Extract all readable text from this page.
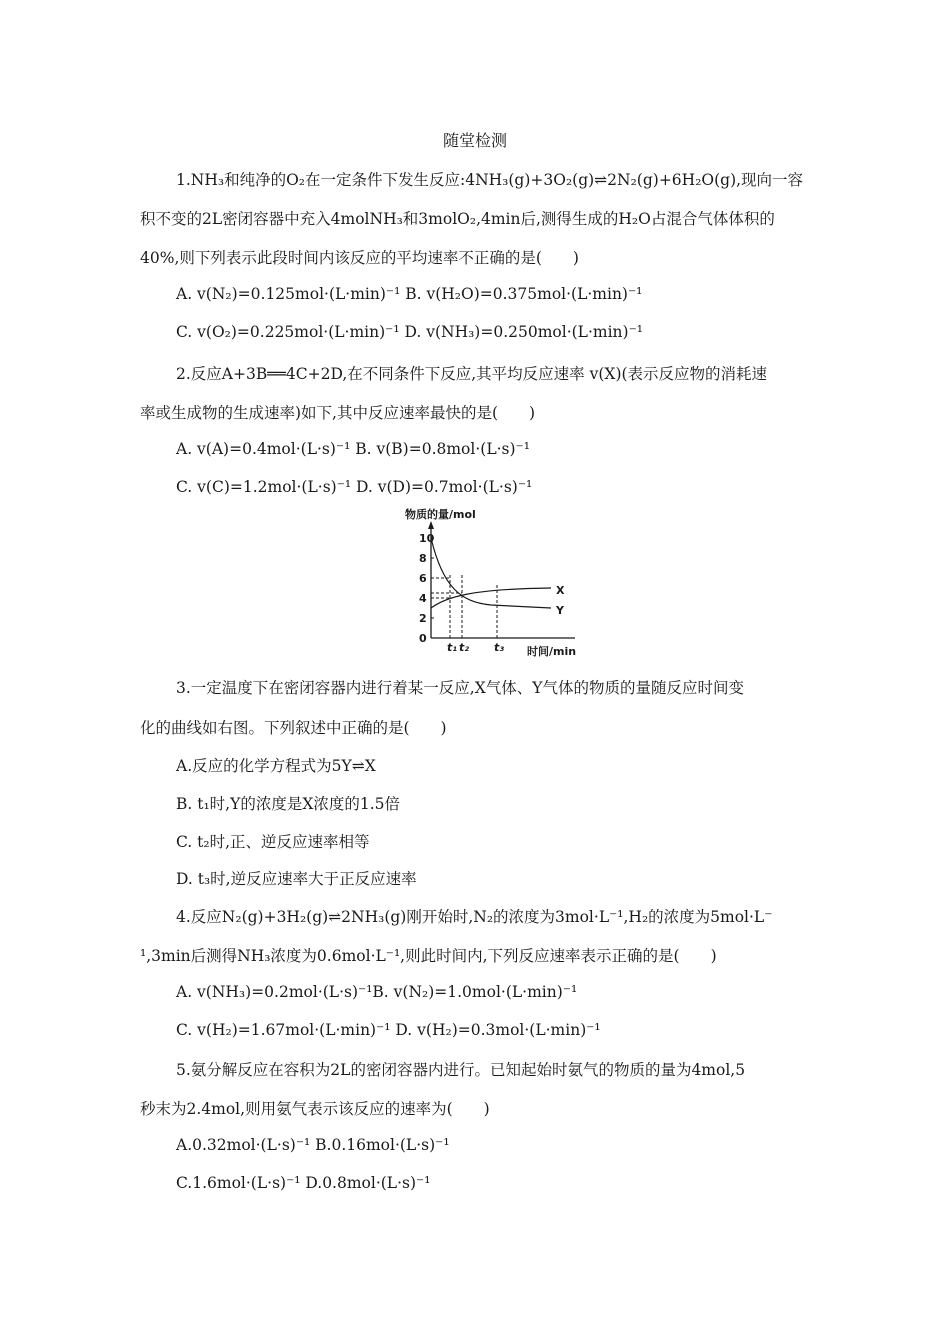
随堂检测
1.NH₃和纯净的O₂在一定条件下发生反应:4NH₃(g)+3O₂(g)⇌2N₂(g)+6H₂O(g),现向一容
积不变的2L密闭容器中充入4molNH₃和3molO₂,4min后,测得生成的H₂O占混合气体体积的
40%,则下列表示此段时间内该反应的平均速率不正确的是(　　)
A. v(N₂)=0.125mol·(L·min)⁻¹ B. v(H₂O)=0.375mol·(L·min)⁻¹
C. v(O₂)=0.225mol·(L·min)⁻¹ D. v(NH₃)=0.250mol·(L·min)⁻¹
2.反应A+3B══4C+2D,在不同条件下反应,其平均反应速率 v(X)(表示反应物的消耗速
率或生成物的生成速率)如下,其中反应速率最快的是(　　)
A. v(A)=0.4mol·(L·s)⁻¹ B. v(B)=0.8mol·(L·s)⁻¹
C. v(C)=1.2mol·(L·s)⁻¹ D. v(D)=0.7mol·(L·s)⁻¹
物质的量/mol
10
8
6
4
2
0
t₁ t₂ t₃ 时间/min
X
Y
3.一定温度下在密闭容器内进行着某一反应,X气体、Y气体的物质的量随反应时间变
化的曲线如右图。下列叙述中正确的是(　　)
A.反应的化学方程式为5Y⇌X
B. t₁时,Y的浓度是X浓度的1.5倍
C. t₂时,正、逆反应速率相等
D. t₃时,逆反应速率大于正反应速率
4.反应N₂(g)+3H₂(g)⇌2NH₃(g)刚开始时,N₂的浓度为3mol·L⁻¹,H₂的浓度为5mol·L⁻
¹,3min后测得NH₃浓度为0.6mol·L⁻¹,则此时间内,下列反应速率表示正确的是(　　)
A. v(NH₃)=0.2mol·(L·s)⁻¹B. v(N₂)=1.0mol·(L·min)⁻¹
C. v(H₂)=1.67mol·(L·min)⁻¹ D. v(H₂)=0.3mol·(L·min)⁻¹
5.氨分解反应在容积为2L的密闭容器内进行。已知起始时氨气的物质的量为4mol,5
秒末为2.4mol,则用氨气表示该反应的速率为(　　)
A.0.32mol·(L·s)⁻¹ B.0.16mol·(L·s)⁻¹
C.1.6mol·(L·s)⁻¹ D.0.8mol·(L·s)⁻¹
